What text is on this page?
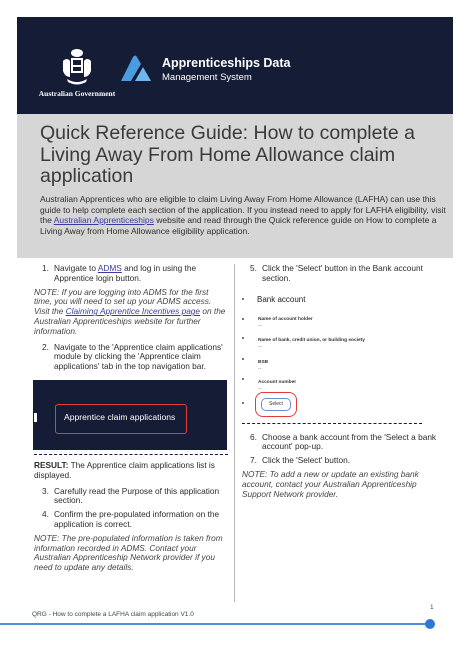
Australian Government
Apprenticeships Data
Management System
Quick Reference Guide: How to complete a Living Away From Home Allowance claim application

Australian Apprentices who are eligible to claim Living Away From Home Allowance (LAFHA) can use this guide to help complete each section of the application. If you instead need to apply for LAFHA eligibility, visit the Australian Apprenticeships website and read through the Quick reference guide on How to complete a Living Away from Home Allowance eligibility application.

1. Navigate to ADMS and log in using the Apprentice login button.

NOTE: If you are logging into ADMS for the first time, you will need to set up your ADMS access. Visit the Claiming Apprentice Incentives page on the Australian Apprenticeships website for further information.

2. Navigate to the 'Apprentice claim applications' module by clicking the 'Apprentice claim applications' tab in the top navigation bar.
Apprentice claim applications

RESULT: The Apprentice claim applications list is displayed.

3. Carefully read the Purpose of this application section.
4. Confirm the pre-populated information on the application is correct.

NOTE: The pre-populated information is taken from information recorded in ADMS. Contact your Australian Apprenticeship Network provider if you need to update any details.

5. Click the 'Select' button in the Bank account section.
Bank account
Name of account holder
--
Name of bank, credit union, or building society
--
BSB
--
Account number
--
Select
6. Choose a bank account from the 'Select a bank account' pop-up.
7. Click the 'Select' button.

NOTE: To add a new or update an existing bank account, contact your Australian Apprenticeship Support Network provider.

1
QRG - How to complete a LAFHA claim application V1.0
